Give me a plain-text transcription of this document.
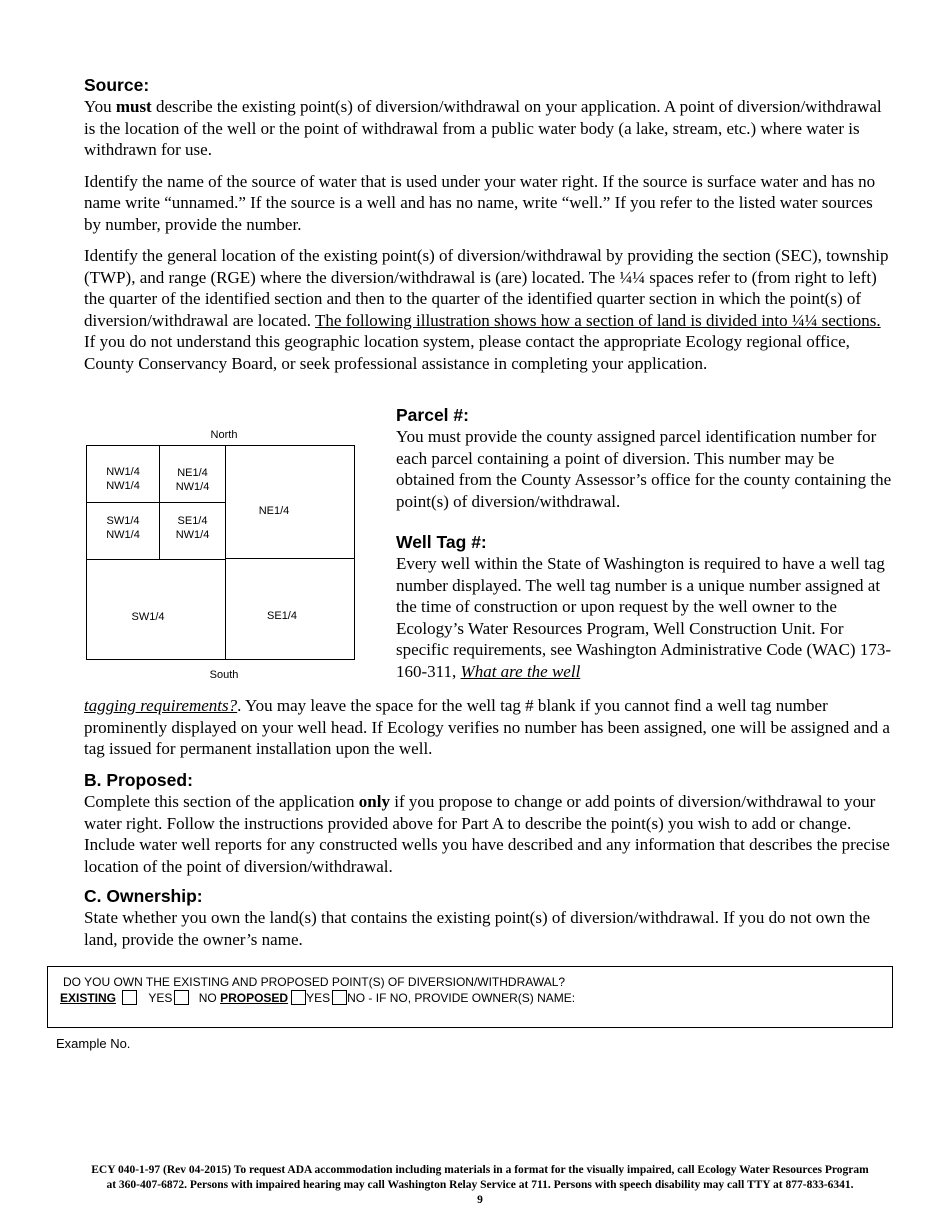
Source:

You must describe the existing point(s) of diversion/withdrawal on your application. A point of diversion/withdrawal is the location of the well or the point of withdrawal from a public water body (a lake, stream, etc.) where water is withdrawn for use.

Identify the name of the source of water that is used under your water right. If the source is surface water and has no name write “unnamed.” If the source is a well and has no name, write “well.” If you refer to the listed water sources by number, provide the number.

Identify the general location of the existing point(s) of diversion/withdrawal by providing the section (SEC), township (TWP), and range (RGE) where the diversion/withdrawal is (are) located. The ¼¼ spaces refer to (from right to left) the quarter of the identified section and then to the quarter of the identified quarter section in which the point(s) of diversion/withdrawal are located. The following illustration shows how a section of land is divided into ¼¼ sections. If you do not understand this geographic location system, please contact the appropriate Ecology regional office, County Conservancy Board, or seek professional assistance in completing your application.

North
NW1/4
NW1/4
NE1/4
NW1/4
SW1/4
NW1/4
SE1/4
NW1/4
NE1/4
SW1/4	SE1/4
South
Parcel #:

You must provide the county assigned parcel identification number for each parcel containing a point of diversion. This number may be obtained from the County Assessor’s office for the county containing the point(s) of diversion/withdrawal.

Well Tag #:

Every well within the State of Washington is required to have a well tag number displayed. The well tag number is a unique number assigned at the time of construction or upon request by the well owner to the Ecology’s Water Resources Program, Well Construction Unit. For specific requirements, see Washington Administrative Code (WAC) 173-160-311, What are the well

tagging requirements?. You may leave the space for the well tag # blank if you cannot find a well tag number prominently displayed on your well head. If Ecology verifies no number has been assigned, one will be assigned and a tag issued for permanent installation upon the well.
B. Proposed:

Complete this section of the application only if you propose to change or add points of diversion/withdrawal to your water right. Follow the instructions provided above for Part A to describe the point(s) you wish to add or change. Include water well reports for any constructed wells you have described and any information that describes the precise location of the point of diversion/withdrawal.

C. Ownership:

State whether you own the land(s) that contains the existing point(s) of diversion/withdrawal. If you do not own the land, provide the owner’s name.

DO YOU OWN THE EXISTING AND PROPOSED POINT(S) OF DIVERSION/WITHDRAWAL?
EXISTING	YES NO PROPOSED YES NO - IF NO, PROVIDE OWNER(S) NAME:
Example No.
ECY 040-1-97 (Rev 04-2015) To request ADA accommodation including materials in a format for the visually impaired, call Ecology Water Resources Program
at 360-407-6872. Persons with impaired hearing may call Washington Relay Service at 711. Persons with speech disability may call TTY at 877-833-6341.
9
